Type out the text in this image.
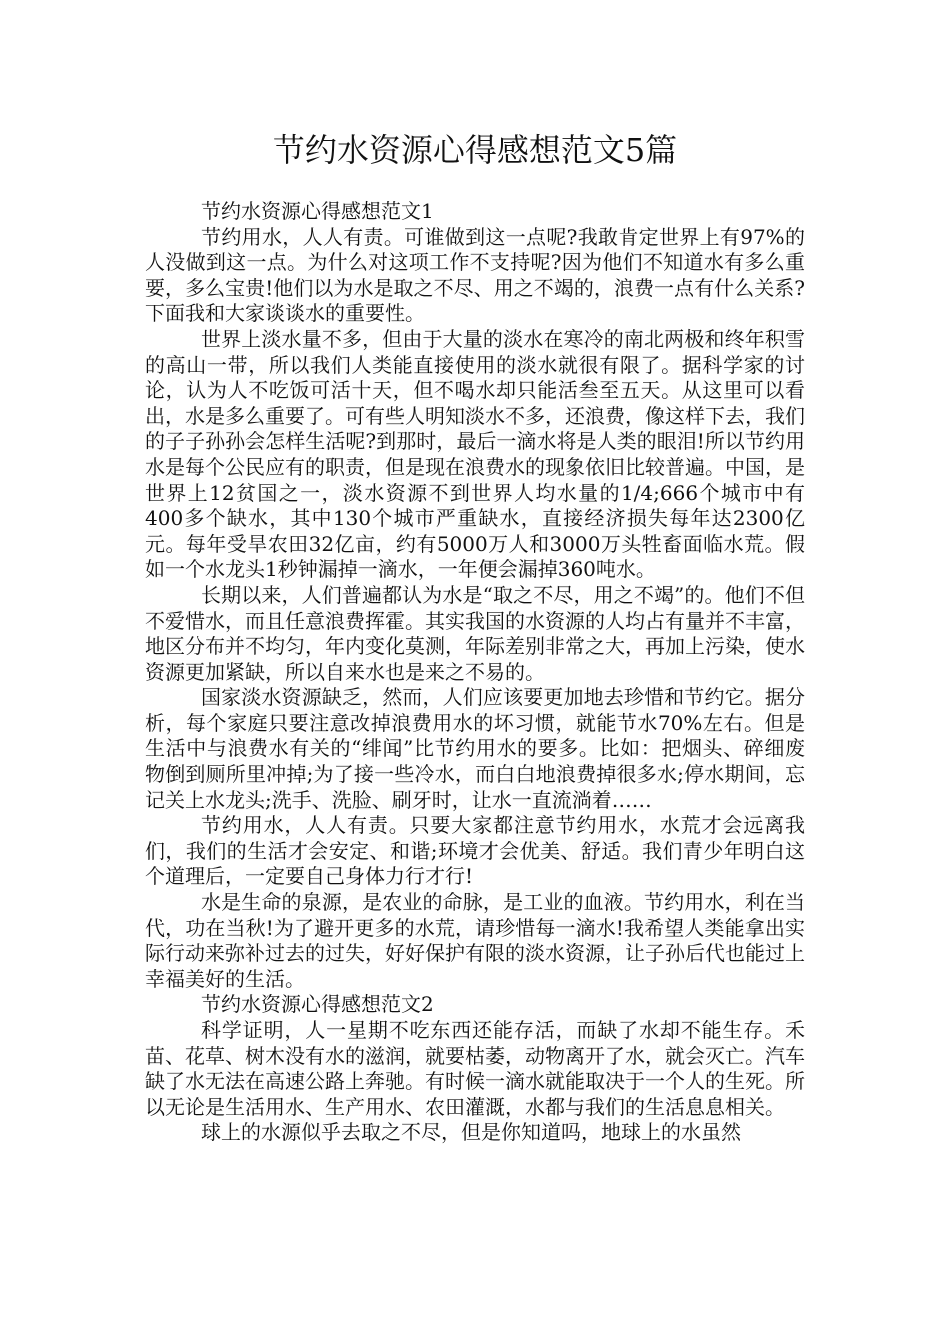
节约水资源心得感想范文5篇

节约水资源心得感想范文1

节约用水，人人有责。可谁做到这一点呢?我敢肯定世界上有97%的人没做到这一点。为什么对这项工作不支持呢?因为他们不知道水有多么重要，多么宝贵!他们以为水是取之不尽、用之不竭的，浪费一点有什么关系?下面我和大家谈谈水的重要性。

世界上淡水量不多，但由于大量的淡水在寒冷的南北两极和终年积雪的高山一带，所以我们人类能直接使用的淡水就很有限了。据科学家的讨论，认为人不吃饭可活十天，但不喝水却只能活叁至五天。从这里可以看出，水是多么重要了。可有些人明知淡水不多，还浪费，像这样下去，我们的子子孙孙会怎样生活呢?到那时，最后一滴水将是人类的眼泪!所以节约用水是每个公民应有的职责，但是现在浪费水的现象依旧比较普遍。中国，是世界上12贫国之一，淡水资源不到世界人均水量的1/4;666个城市中有400多个缺水，其中130个城市严重缺水，直接经济损失每年达2300亿元。每年受旱农田32亿亩，约有5000万人和3000万头牲畜面临水荒。假如一个水龙头1秒钟漏掉一滴水，一年便会漏掉360吨水。

长期以来，人们普遍都认为水是“取之不尽，用之不竭”的。他们不但不爱惜水，而且任意浪费挥霍。其实我国的水资源的人均占有量并不丰富，地区分布并不均匀，年内变化莫测，年际差别非常之大，再加上污染，使水资源更加紧缺，所以自来水也是来之不易的。

国家淡水资源缺乏，然而，人们应该要更加地去珍惜和节约它。据分析，每个家庭只要注意改掉浪费用水的坏习惯，就能节水70%左右。但是生活中与浪费水有关的“绯闻”比节约用水的要多。比如：把烟头、碎细废物倒到厕所里冲掉;为了接一些冷水，而白白地浪费掉很多水;停水期间，忘记关上水龙头;洗手、洗脸、刷牙时，让水一直流淌着……

节约用水，人人有责。只要大家都注意节约用水，水荒才会远离我们，我们的生活才会安定、和谐;环境才会优美、舒适。我们青少年明白这个道理后，一定要自己身体力行才行!

水是生命的泉源，是农业的命脉，是工业的血液。节约用水，利在当代，功在当秋!为了避开更多的水荒，请珍惜每一滴水!我希望人类能拿出实际行动来弥补过去的过失，好好保护有限的淡水资源，让子孙后代也能过上幸福美好的生活。

节约水资源心得感想范文2

科学证明，人一星期不吃东西还能存活，而缺了水却不能生存。禾苗、花草、树木没有水的滋润，就要枯萎，动物离开了水，就会灭亡。汽车缺了水无法在高速公路上奔驰。有时候一滴水就能取决于一个人的生死。所以无论是生活用水、生产用水、农田灌溉，水都与我们的生活息息相关。

球上的水源似乎去取之不尽，但是你知道吗，地球上的水虽然
